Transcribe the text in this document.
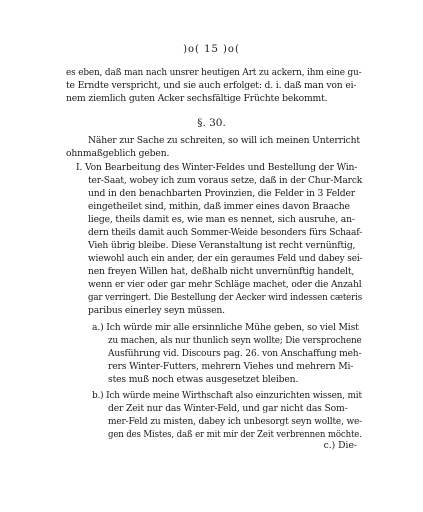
)o( 15 )o(
es eben, daß man nach unsrer heutigen Art zu ackern, ihm eine gu-
te Erndte verspricht, und sie auch erfolget: d. i. daß man von ei-
nem ziemlich guten Acker sechsfältige Früchte bekommt.
§. 30.
Näher zur Sache zu schreiten, so will ich meinen Unterricht
ohnmaßgeblich geben.
I. Von Bearbeitung des Winter-Feldes und Bestellung der Win-
ter-Saat, wobey ich zum voraus setze, daß in der Chur-Marck
und in den benachbarten Provinzien, die Felder in 3 Felder
eingetheilet sind, mithin, daß immer eines davon Braache
liege, theils damit es, wie man es nennet, sich ausruhe, an-
dern theils damit auch Sommer-Weide besonders fürs Schaaf-
Vieh übrig bleibe. Diese Veranstaltung ist recht vernünftig,
wiewohl auch ein ander, der ein geraumes Feld und dabey sei-
nen freyen Willen hat, deßhalb nicht unvernünftig handelt,
wenn er vier oder gar mehr Schläge machet, oder die Anzahl
gar verringert. Die Bestellung der Aecker wird indessen cæteris
paribus einerley seyn müssen.
a.) Ich würde mir alle ersinnliche Mühe geben, so viel Mist
zu machen, als nur thunlich seyn wollte; Die versprochene
Ausführung vid. Discours pag. 26. von Anschaffung meh-
rers Winter-Futters, mehrern Viehes und mehrern Mi-
stes muß noch etwas ausgesetzet bleiben.
b.) Ich würde meine Wirthschaft also einzurichten wissen, mit
der Zeit nur das Winter-Feld, und gar nicht das Som-
mer-Feld zu misten, dabey ich unbesorgt seyn wollte, we-
gen des Mistes, daß er mit mir der Zeit verbrennen möchte.
c.) Die-
